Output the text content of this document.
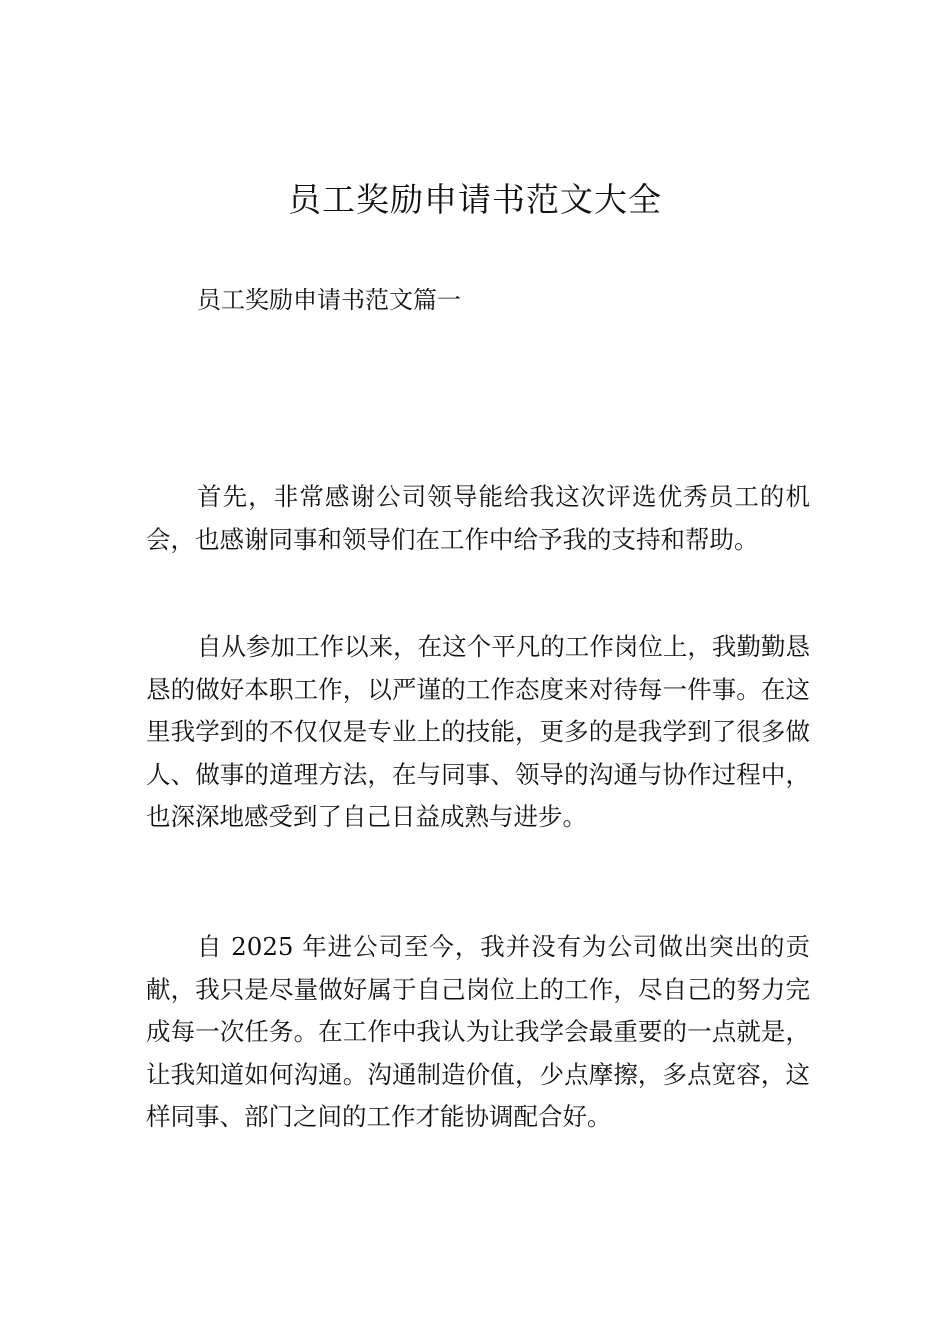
员工奖励申请书范文大全

员工奖励申请书范文篇一

首先，非常感谢公司领导能给我这次评选优秀员工的机会，也感谢同事和领导们在工作中给予我的支持和帮助。

自从参加工作以来，在这个平凡的工作岗位上，我勤勤恳恳的做好本职工作，以严谨的工作态度来对待每一件事。在这里我学到的不仅仅是专业上的技能，更多的是我学到了很多做人、做事的道理方法，在与同事、领导的沟通与协作过程中，也深深地感受到了自己日益成熟与进步。

自 2025 年进公司至今，我并没有为公司做出突出的贡献，我只是尽量做好属于自己岗位上的工作，尽自己的努力完成每一次任务。在工作中我认为让我学会最重要的一点就是，让我知道如何沟通。沟通制造价值，少点摩擦，多点宽容，这样同事、部门之间的工作才能协调配合好。
